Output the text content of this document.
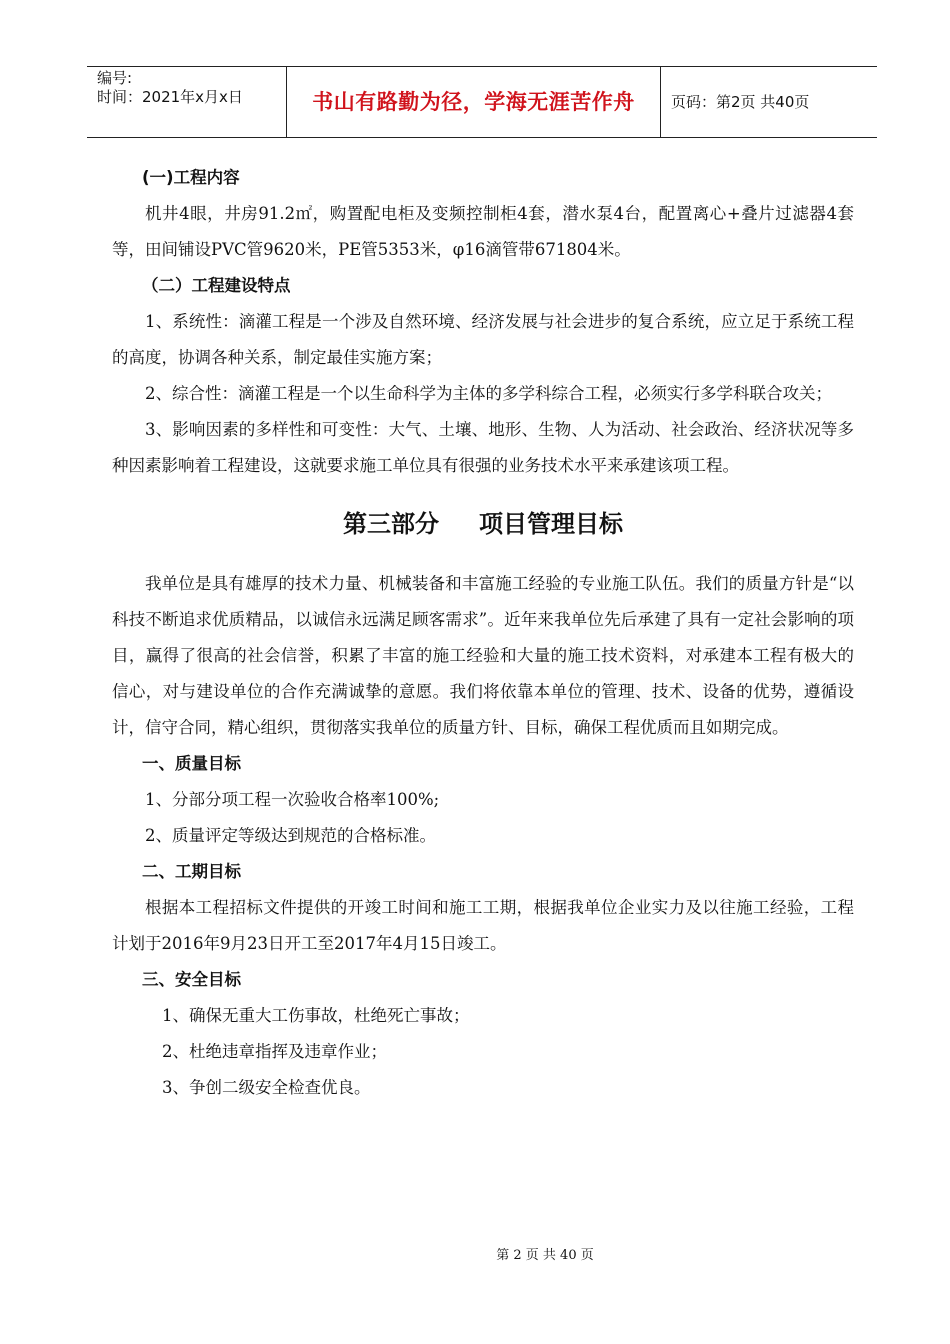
编号:
时间：2021年x月x日	书山有路勤为径，学海无涯苦作舟	页码：第2页 共40页

(一)工程内容

机井4眼，井房91.2㎡，购置配电柜及变频控制柜4套，潜水泵4台，配置离心+叠片过滤器4套等，田间铺设PVC管9620米，PE管5353米，φ16滴管带671804米。

（二）工程建设特点

1、系统性：滴灌工程是一个涉及自然环境、经济发展与社会进步的复合系统，应立足于系统工程的高度，协调各种关系，制定最佳实施方案；

2、综合性：滴灌工程是一个以生命科学为主体的多学科综合工程，必须实行多学科联合攻关；

3、影响因素的多样性和可变性：大气、土壤、地形、生物、人为活动、社会政治、经济状况等多种因素影响着工程建设，这就要求施工单位具有很强的业务技术水平来承建该项工程。

第三部分 项目管理目标

我单位是具有雄厚的技术力量、机械装备和丰富施工经验的专业施工队伍。我们的质量方针是“以科技不断追求优质精品，以诚信永远满足顾客需求”。近年来我单位先后承建了具有一定社会影响的项目，赢得了很高的社会信誉，积累了丰富的施工经验和大量的施工技术资料，对承建本工程有极大的信心，对与建设单位的合作充满诚挚的意愿。我们将依靠本单位的管理、技术、设备的优势，遵循设计，信守合同，精心组织，贯彻落实我单位的质量方针、目标，确保工程优质而且如期完成。

一、质量目标

1、分部分项工程一次验收合格率100%;

2、质量评定等级达到规范的合格标准。

二、工期目标

根据本工程招标文件提供的开竣工时间和施工工期，根据我单位企业实力及以往施工经验，工程计划于2016年9月23日开工至2017年4月15日竣工。

三、安全目标

1、确保无重大工伤事故，杜绝死亡事故；

2、杜绝违章指挥及违章作业；

3、争创二级安全检查优良。

第 2 页 共 40 页
